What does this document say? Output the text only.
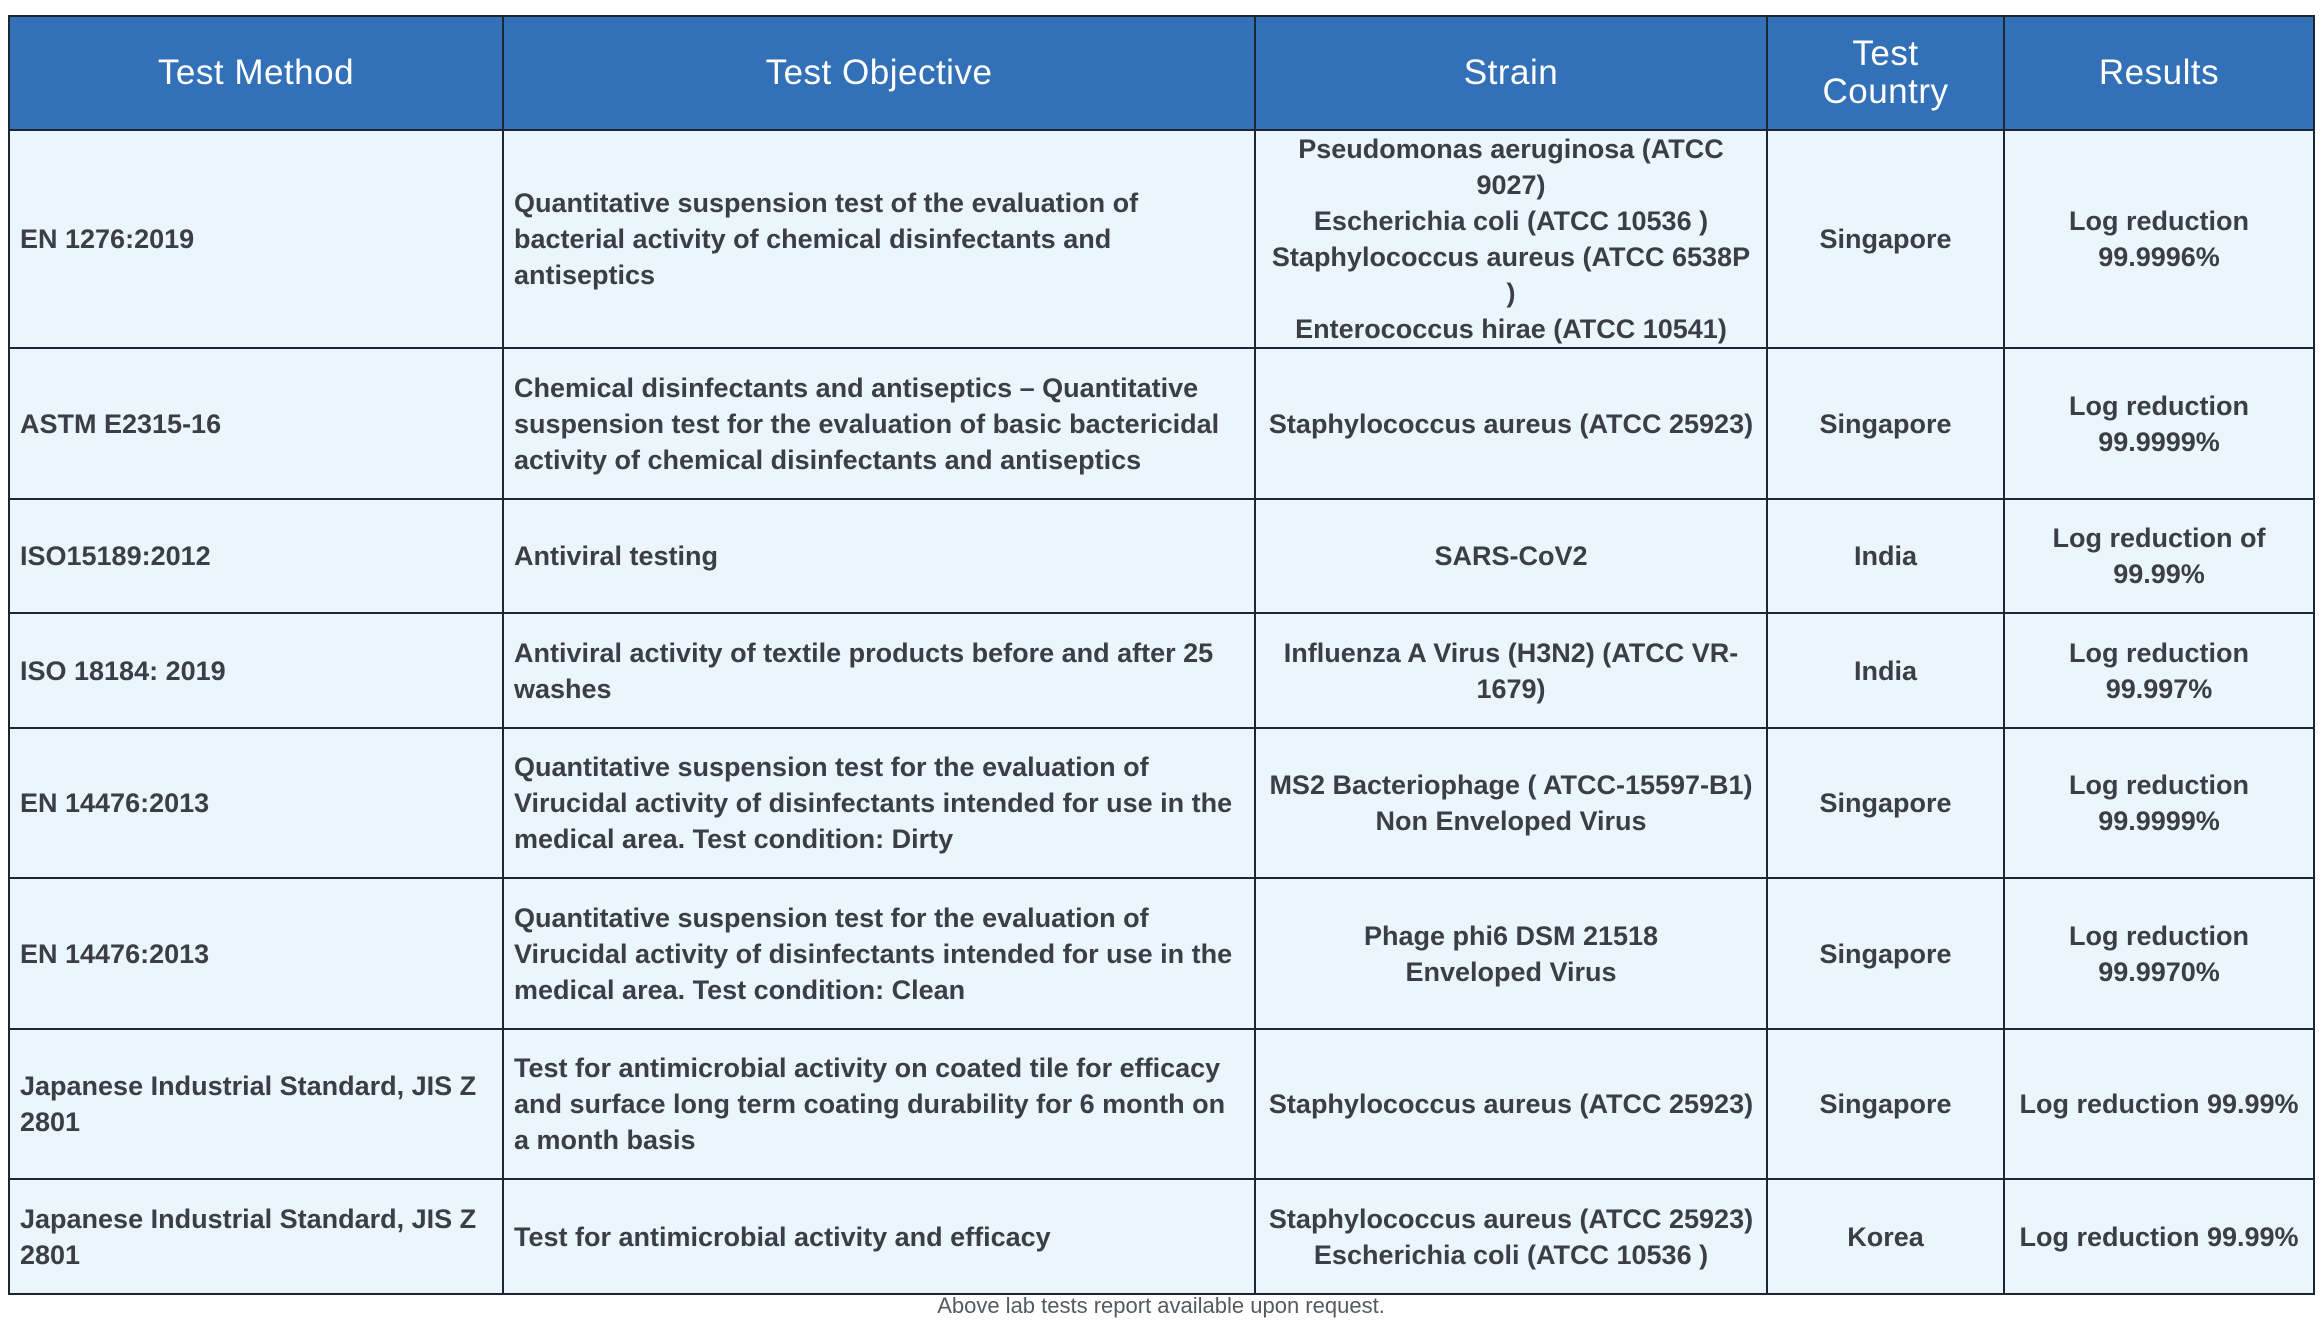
Test Method	Test Objective	Strain	Test
Country	Results
EN 1276:2019	Quantitative suspension test of the evaluation of bacterial activity of chemical disinfectants and antiseptics	Pseudomonas aeruginosa (ATCC 9027)
Escherichia coli (ATCC 10536 )
Staphylococcus aureus (ATCC 6538P )
Enterococcus hirae (ATCC 10541)	Singapore	Log reduction
99.9996%

ASTM E2315-16	Chemical disinfectants and antiseptics – Quantitative suspension test for the evaluation of basic bactericidal activity of chemical disinfectants and antiseptics	Staphylococcus aureus (ATCC 25923)	Singapore	Log reduction
99.9999%

ISO15189:2012	Antiviral testing	SARS-CoV2	India	Log reduction of
99.99%

ISO 18184: 2019	Antiviral activity of textile products before and after 25 washes	Influenza A Virus (H3N2) (ATCC VR-
1679)	India	Log reduction
99.997%

EN 14476:2013	Quantitative suspension test for the evaluation of Virucidal activity of disinfectants intended for use in the medical area. Test condition: Dirty	MS2 Bacteriophage ( ATCC-15597-B1)
Non Enveloped Virus	Singapore	Log reduction
99.9999%

EN 14476:2013	Quantitative suspension test for the evaluation of Virucidal activity of disinfectants intended for use in the medical area. Test condition: Clean	Phage phi6 DSM 21518
Enveloped Virus	Singapore	Log reduction
99.9970%

Japanese Industrial Standard, JIS Z 2801	Test for antimicrobial activity on coated tile for efficacy and surface long term coating durability for 6 month on a month basis	Staphylococcus aureus (ATCC 25923)	Singapore	Log reduction 99.99%

Japanese Industrial Standard, JIS Z 2801	Test for antimicrobial activity and efficacy	Staphylococcus aureus (ATCC 25923)
Escherichia coli (ATCC 10536 )	Korea	Log reduction 99.99%
Above lab tests report available upon request.
